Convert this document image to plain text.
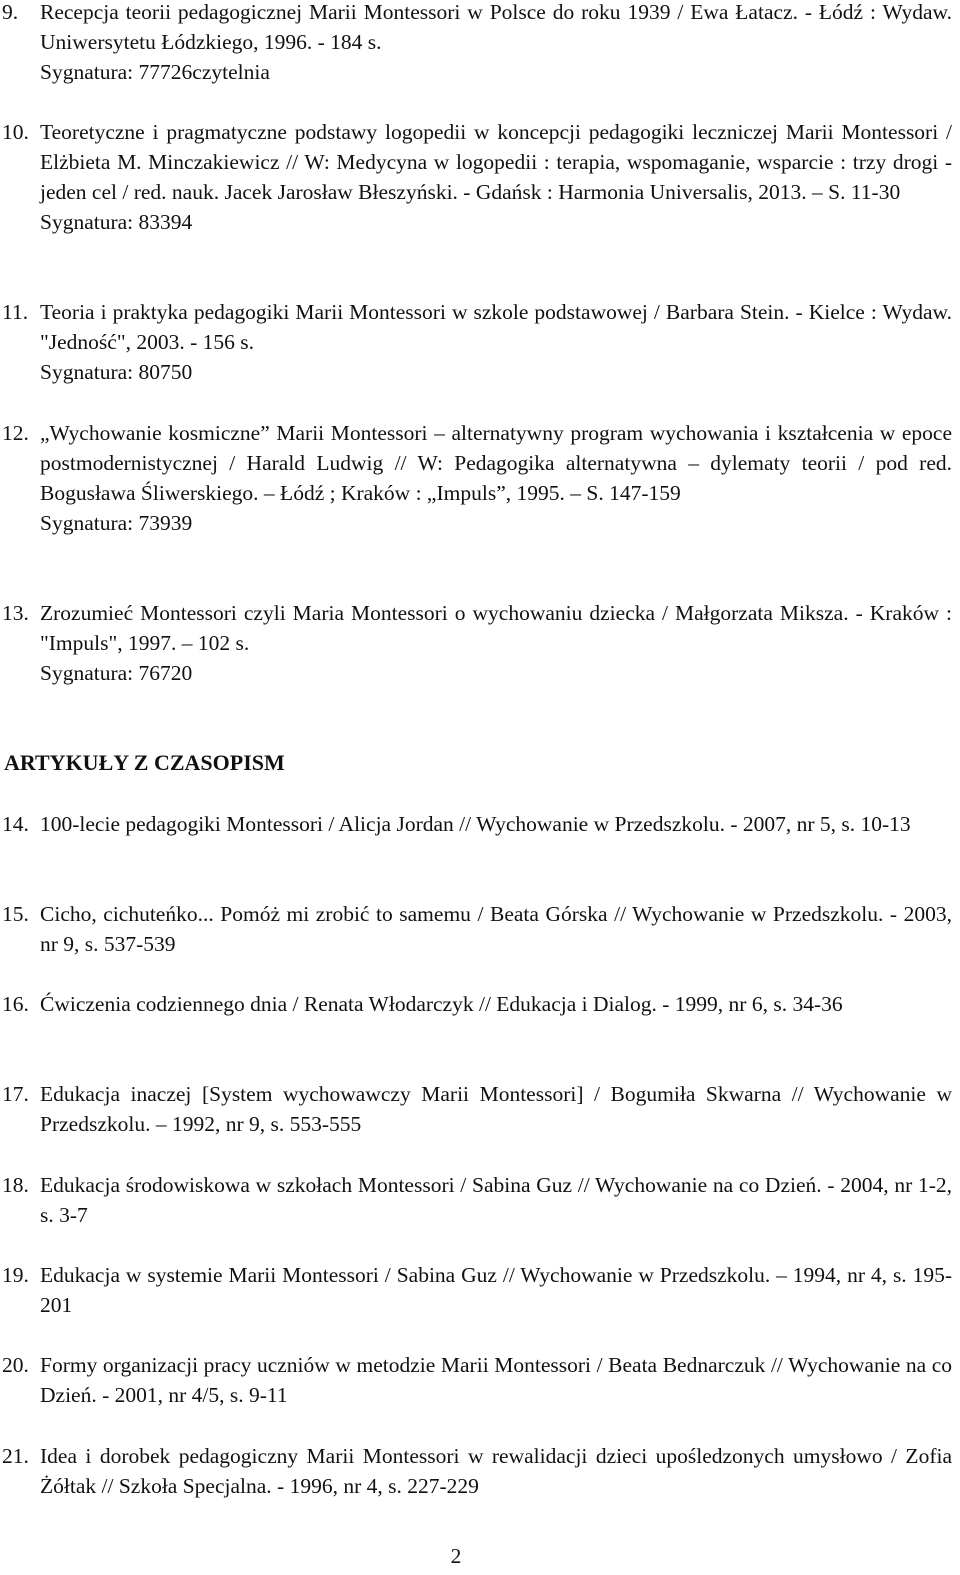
9.	Recepcja teorii pedagogicznej Marii Montessori w Polsce do roku 1939 / Ewa Łatacz. - Łódź : Wydaw. Uniwersytetu Łódzkiego, 1996. - 184 s.
Sygnatura: 77726czytelnia
10. Teoretyczne i pragmatyczne podstawy logopedii w koncepcji pedagogiki leczniczej Marii Montessori / Elżbieta M. Minczakiewicz // W: Medycyna w logopedii : terapia, wspomaganie, wsparcie : trzy drogi - jeden cel / red. nauk. Jacek Jarosław Błeszyński. - Gdańsk : Harmonia Universalis, 2013. – S. 11-30
Sygnatura: 83394
11. Teoria i praktyka pedagogiki Marii Montessori w szkole podstawowej / Barbara Stein. - Kielce : Wydaw. "Jedność", 2003. - 156 s.
Sygnatura: 80750
12. „Wychowanie kosmiczne” Marii Montessori – alternatywny program wychowania i kształcenia w epoce postmodernistycznej / Harald Ludwig // W: Pedagogika alternatywna – dylematy teorii / pod red. Bogusława Śliwerskiego. – Łódź ; Kraków : „Impuls”, 1995. – S. 147-159
Sygnatura: 73939
13. Zrozumieć Montessori czyli Maria Montessori o wychowaniu dziecka / Małgorzata Miksza. - Kraków : "Impuls", 1997. – 102 s.
Sygnatura: 76720
ARTYKUŁY Z CZASOPISM
14. 100-lecie pedagogiki Montessori / Alicja Jordan // Wychowanie w Przedszkolu. - 2007, nr 5, s. 10-13
15. Cicho, cichuteńko... Pomóż mi zrobić to samemu / Beata Górska // Wychowanie w Przedszkolu. - 2003, nr 9, s. 537-539
16. Ćwiczenia codziennego dnia / Renata Włodarczyk // Edukacja i Dialog. - 1999, nr 6, s. 34-36
17. Edukacja inaczej [System wychowawczy Marii Montessori] / Bogumiła Skwarna // Wychowanie w Przedszkolu. – 1992, nr 9, s. 553-555
18. Edukacja środowiskowa w szkołach Montessori / Sabina Guz // Wychowanie na co Dzień. - 2004, nr 1-2, s. 3-7
19. Edukacja w systemie Marii Montessori / Sabina Guz // Wychowanie w Przedszkolu. – 1994, nr 4, s. 195-201
20. Formy organizacji pracy uczniów w metodzie Marii Montessori / Beata Bednarczuk // Wychowanie na co Dzień. - 2001, nr 4/5, s. 9-11
21. Idea i dorobek pedagogiczny Marii Montessori w rewalidacji dzieci upośledzonych umysłowo / Zofia Żółtak // Szkoła Specjalna. - 1996, nr 4, s. 227-229
2
